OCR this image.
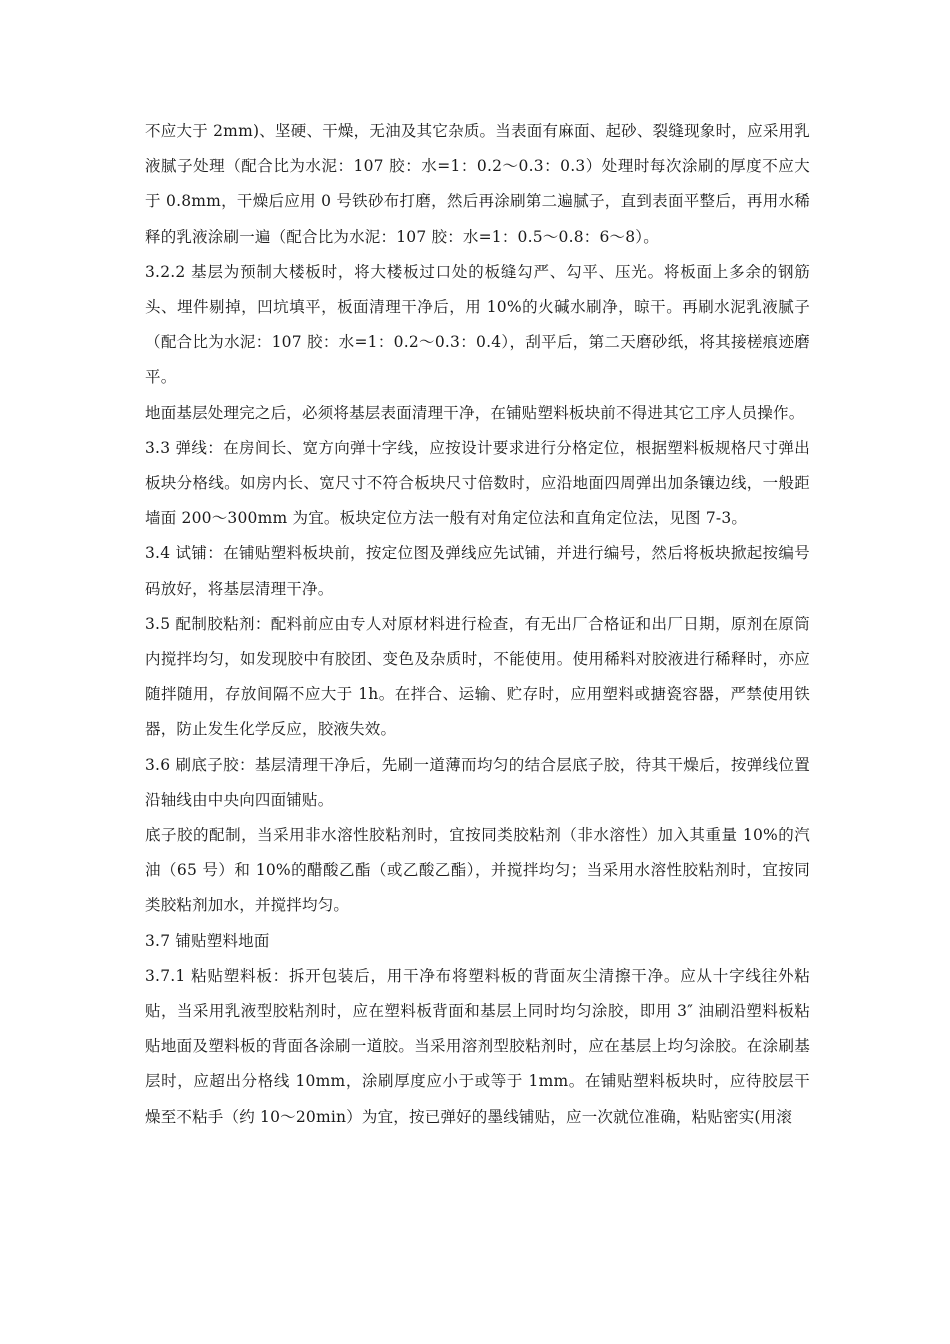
不应大于 2mm)、坚硬、干燥，无油及其它杂质。当表面有麻面、起砂、裂缝现象时，应采用乳液腻子处理（配合比为水泥：107 胶：水=1：0.2～0.3：0.3）处理时每次涂刷的厚度不应大于 0.8mm，干燥后应用 0 号铁砂布打磨，然后再涂刷第二遍腻子，直到表面平整后，再用水稀释的乳液涂刷一遍（配合比为水泥：107 胶：水=1：0.5～0.8：6～8）。

3.2.2 基层为预制大楼板时，将大楼板过口处的板缝勾严、勾平、压光。将板面上多余的钢筋头、埋件剔掉，凹坑填平，板面清理干净后，用 10%的火碱水刷净，晾干。再刷水泥乳液腻子（配合比为水泥：107 胶：水=1：0.2～0.3：0.4），刮平后，第二天磨砂纸，将其接槎痕迹磨平。

地面基层处理完之后，必须将基层表面清理干净，在铺贴塑料板块前不得进其它工序人员操作。

3.3 弹线：在房间长、宽方向弹十字线，应按设计要求进行分格定位，根据塑料板规格尺寸弹出板块分格线。如房内长、宽尺寸不符合板块尺寸倍数时，应沿地面四周弹出加条镶边线，一般距墙面 200～300mm 为宜。板块定位方法一般有对角定位法和直角定位法，见图 7-3。

3.4 试铺：在铺贴塑料板块前，按定位图及弹线应先试铺，并进行编号，然后将板块掀起按编号码放好，将基层清理干净。

3.5 配制胶粘剂：配料前应由专人对原材料进行检查，有无出厂合格证和出厂日期，原剂在原筒内搅拌均匀，如发现胶中有胶团、变色及杂质时，不能使用。使用稀料对胶液进行稀释时，亦应随拌随用，存放间隔不应大于 1h。在拌合、运输、贮存时，应用塑料或搪瓷容器，严禁使用铁器，防止发生化学反应，胶液失效。

3.6 刷底子胶：基层清理干净后，先刷一道薄而均匀的结合层底子胶，待其干燥后，按弹线位置沿轴线由中央向四面铺贴。

底子胶的配制，当采用非水溶性胶粘剂时，宜按同类胶粘剂（非水溶性）加入其重量 10%的汽油（65 号）和 10%的醋酸乙酯（或乙酸乙酯），并搅拌均匀；当采用水溶性胶粘剂时，宜按同类胶粘剂加水，并搅拌均匀。

3.7 铺贴塑料地面

3.7.1 粘贴塑料板：拆开包装后，用干净布将塑料板的背面灰尘清擦干净。应从十字线往外粘贴，当采用乳液型胶粘剂时，应在塑料板背面和基层上同时均匀涂胶，即用 3″ 油刷沿塑料板粘贴地面及塑料板的背面各涂刷一道胶。当采用溶剂型胶粘剂时，应在基层上均匀涂胶。在涂刷基层时，应超出分格线 10mm，涂刷厚度应小于或等于 1mm。在铺贴塑料板块时，应待胶层干燥至不粘手（约 10～20min）为宜，按已弹好的墨线铺贴，应一次就位准确，粘贴密实(用滚
